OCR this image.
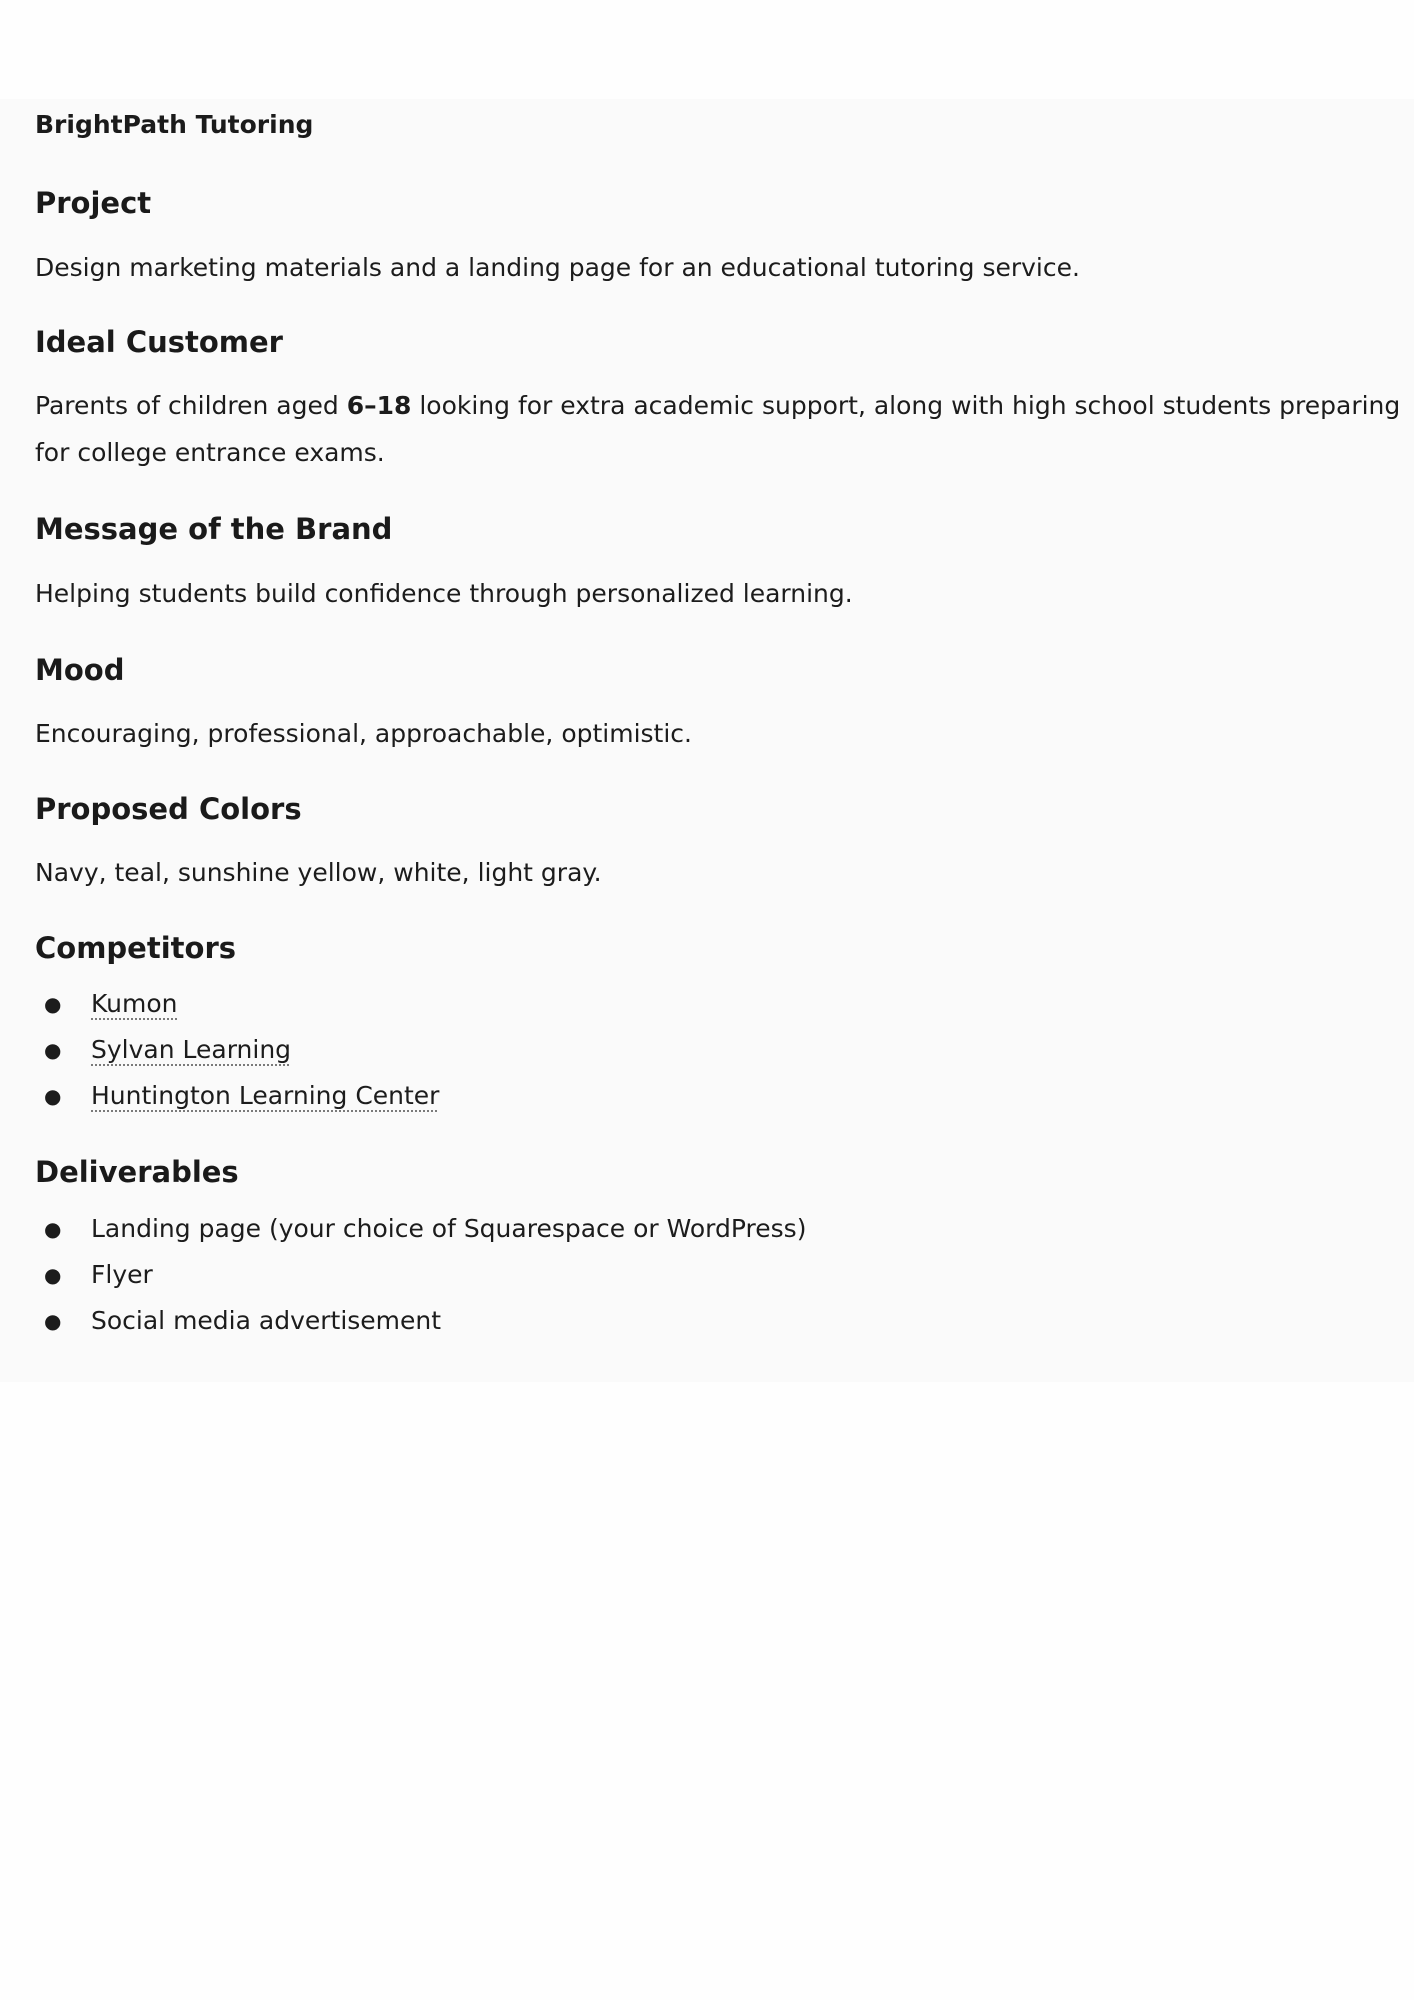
BrightPath Tutoring
Project

Design marketing materials and a landing page for an educational tutoring service.

Ideal Customer

Parents of children aged 6–18 looking for extra academic support, along with high school students preparing

for college entrance exams.

Message of the Brand

Helping students build confidence through personalized learning.

Mood

Encouraging, professional, approachable, optimistic.

Proposed Colors

Navy, teal, sunshine yellow, white, light gray.

Competitors
● Kumon
● Sylvan Learning
● Huntington Learning Center
Deliverables
● Landing page (your choice of Squarespace or WordPress)
● Flyer
● Social media advertisement
